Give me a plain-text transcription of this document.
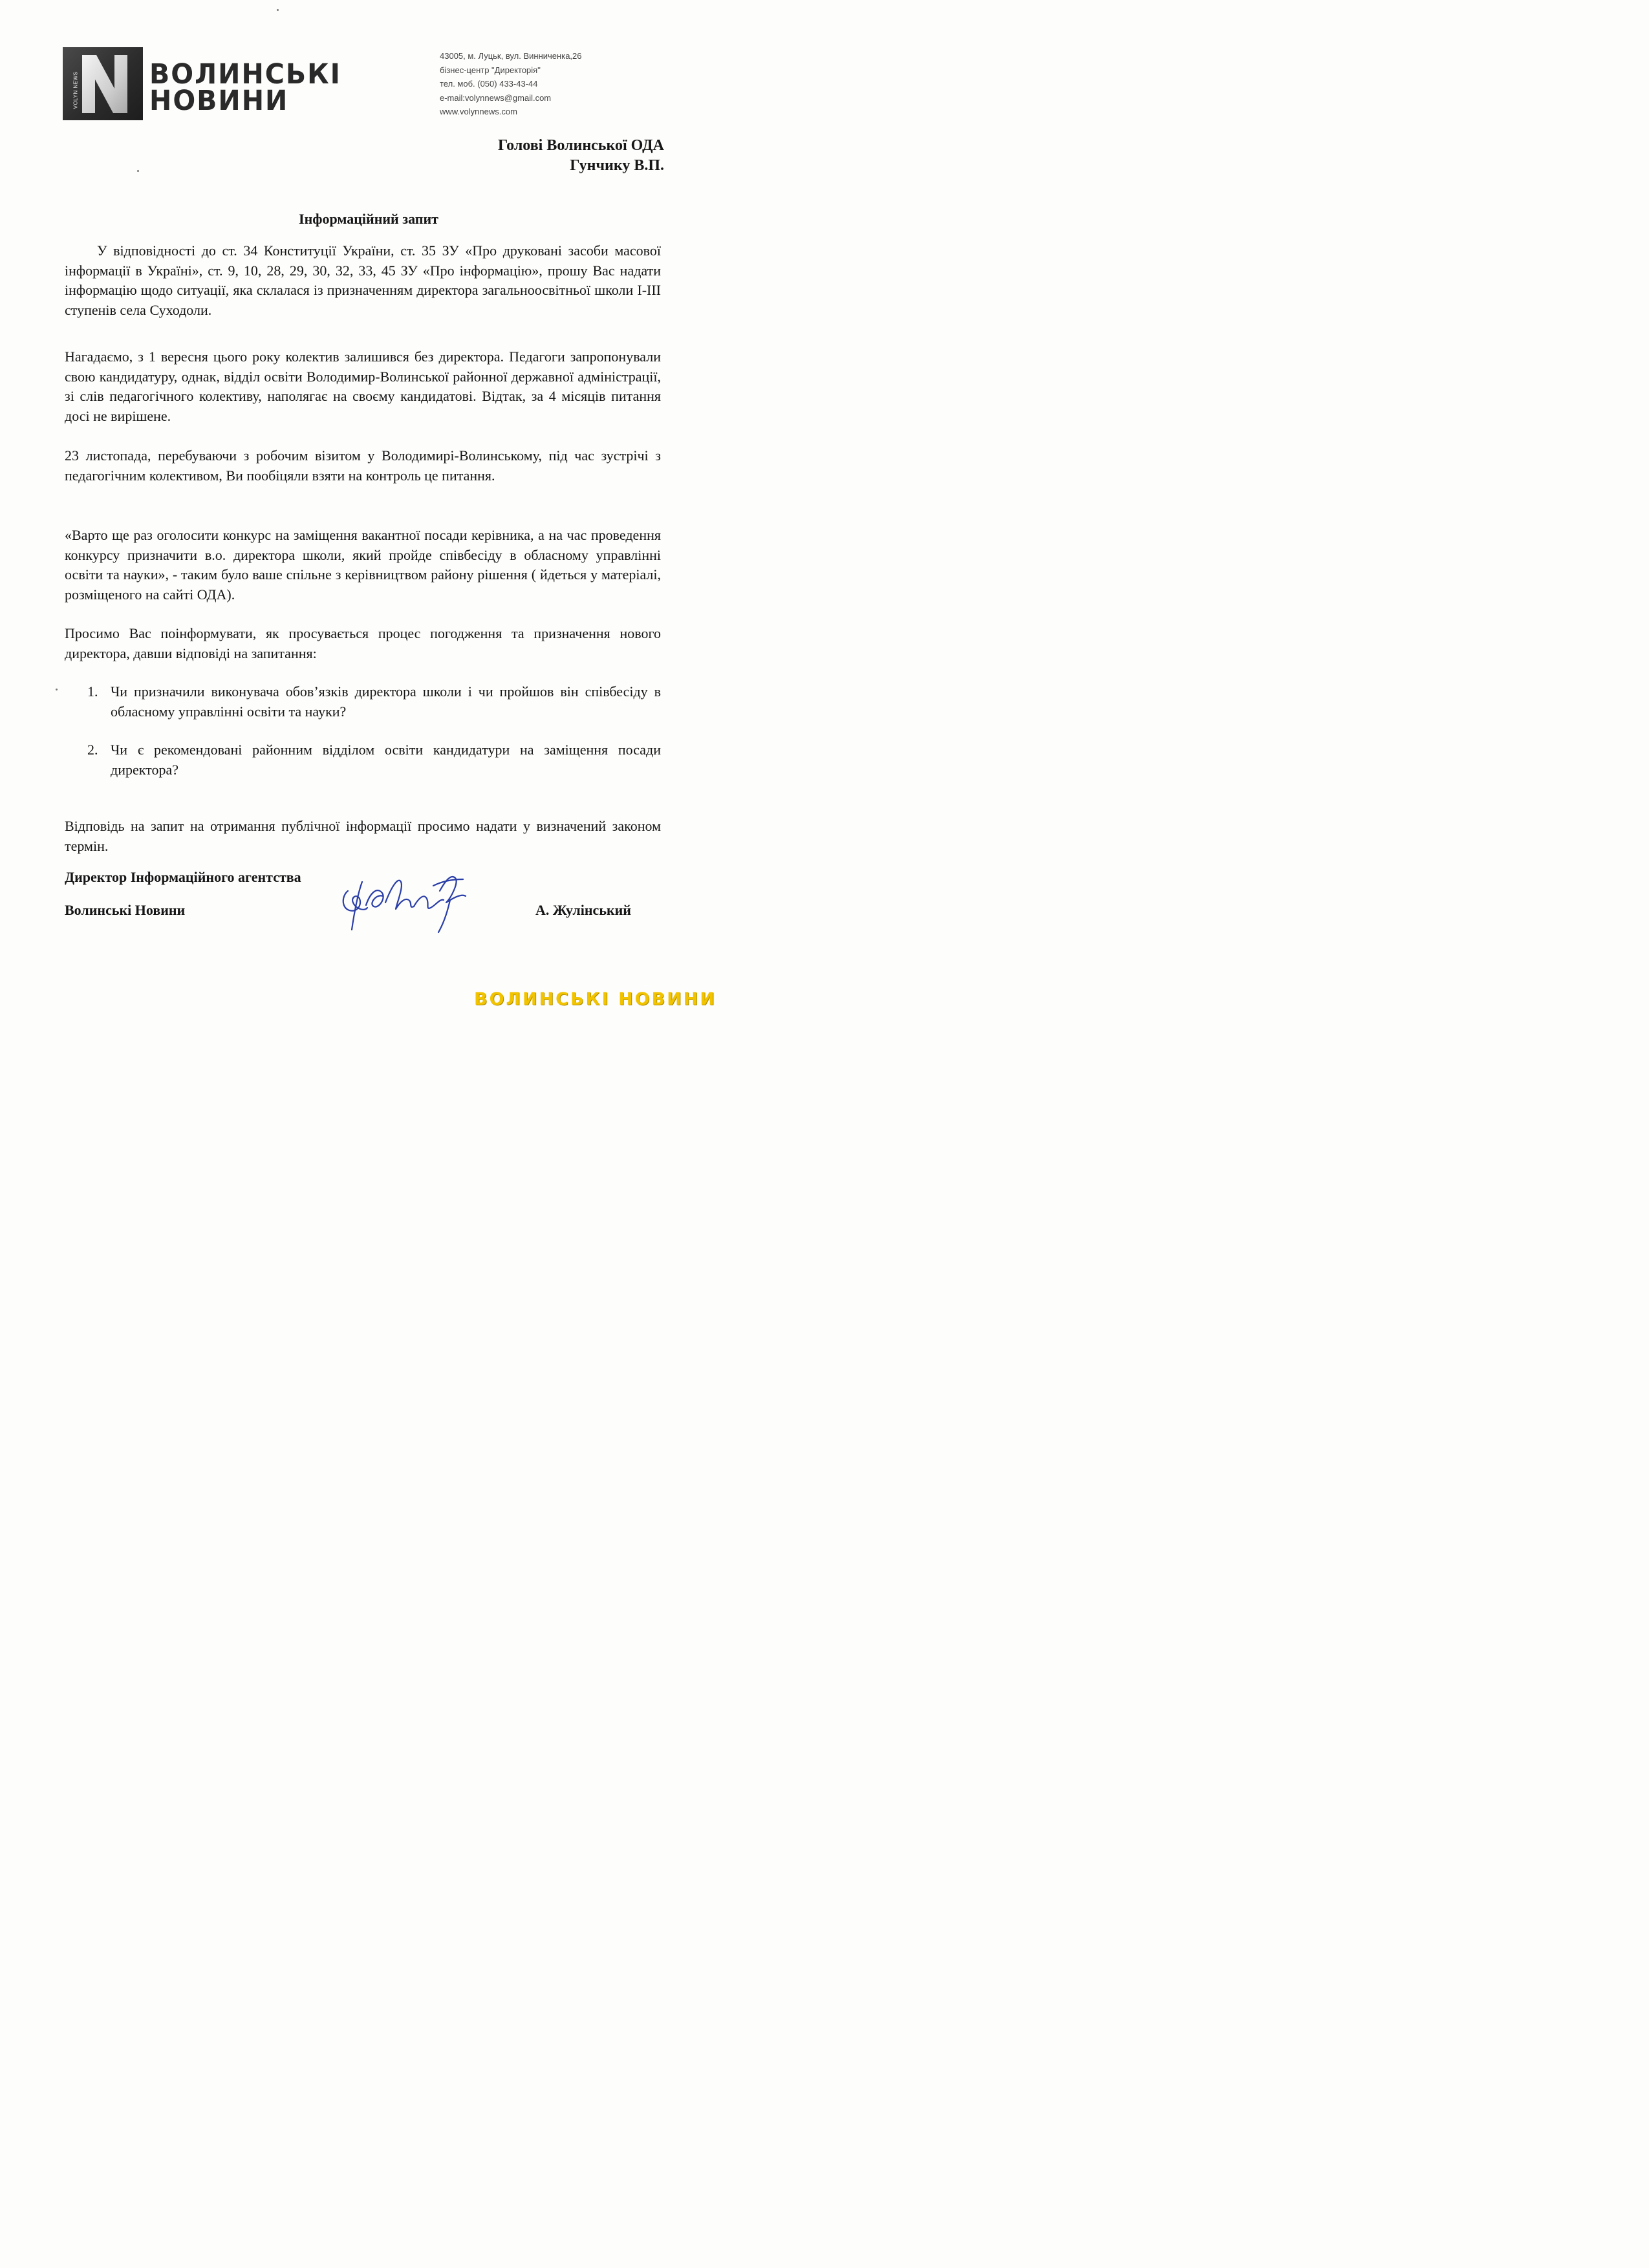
VOLYN NEWS	ВОЛИНСЬКІ
НОВИНИ
43005, м. Луцьк, вул. Винниченка,26
бізнес-центр "Директорія"
тел. моб. (050) 433-43-44
e-mail:volynnews@gmail.com
www.volynnews.com
Голові Волинської ОДА
Гунчику В.П.
Інформаційний запит
У відповідності до ст. 34 Конституції України, ст. 35 ЗУ «Про друковані засоби масової інформації в Україні», ст. 9, 10, 28, 29, 30, 32, 33, 45 ЗУ «Про інформацію», прошу Вас надати інформацію щодо ситуації, яка склалася із призначенням директора загальноосвітньої школи І-ІІІ ступенів села Суходоли.
Нагадаємо, з 1 вересня цього року колектив залишився без директора. Педагоги запропонували свою кандидатуру, однак, відділ освіти Володимир-Волинської районної державної адміністрації, зі слів педагогічного колективу, наполягає на своєму кандидатові. Відтак, за 4 місяців питання досі не вирішене.
23 листопада, перебуваючи з робочим візитом у Володимирі-Волинському, під час зустрічі з педагогічним колективом, Ви пообіцяли взяти на контроль це питання.
«Варто ще раз оголосити конкурс на заміщення вакантної посади керівника, а на час проведення конкурсу призначити в.о. директора школи, який пройде співбесіду в обласному управлінні освіти та науки», - таким було ваше спільне з керівництвом району рішення ( йдеться у матеріалі, розміщеного на сайті ОДА).
Просимо Вас поінформувати, як просувається процес погодження та призначення нового директора, давши відповіді на запитання:
1. Чи призначили виконувача обов’язків директора школи і чи пройшов він співбесіду в обласному управлінні освіти та науки?
2. Чи є рекомендовані районним відділом освіти кандидатури на заміщення посади директора?
Відповідь на запит на отримання публічної інформації просимо надати у визначений законом термін.
Директор Інформаційного агентства
Волинські Новини	А. Жулінський
ВОЛИНСЬКІ НОВИНИ
